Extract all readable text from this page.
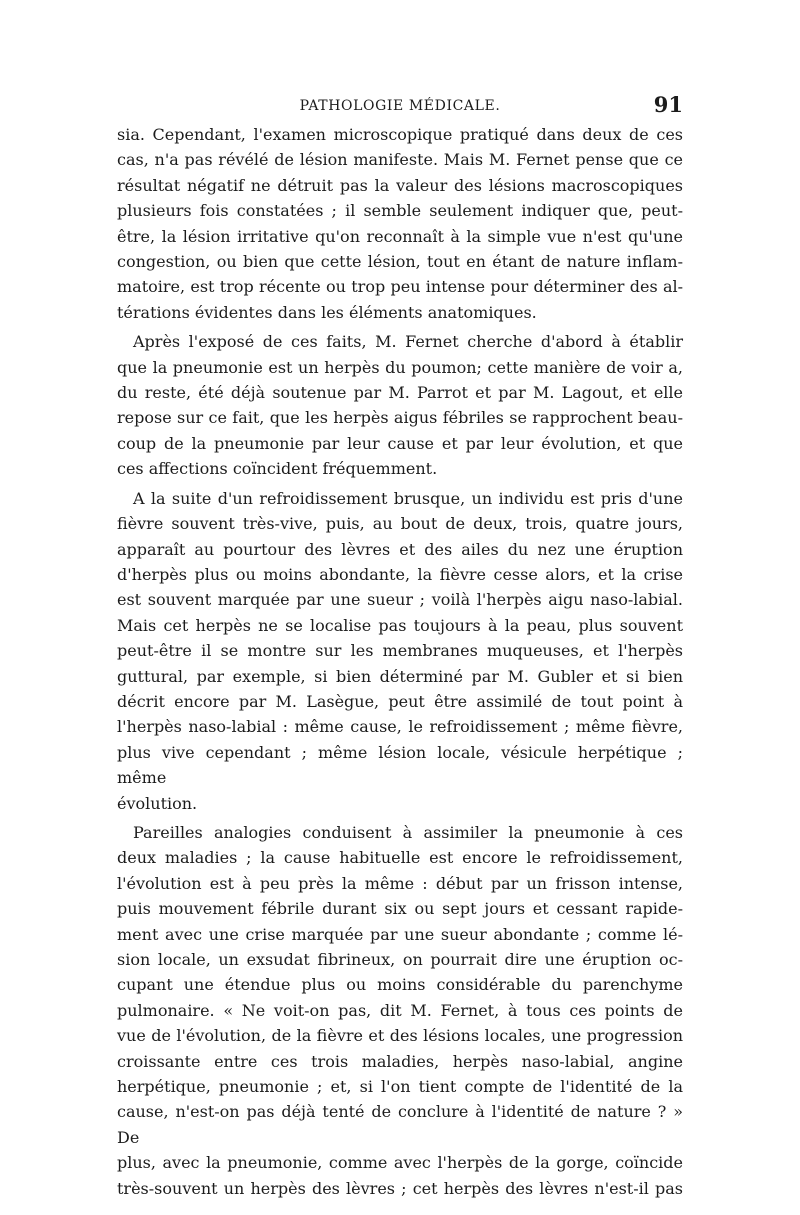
PATHOLOGIE MÉDICALE.	91

sia. Cependant, l'examen microscopique pratiqué dans deux de ces

cas, n'a pas révélé de lésion manifeste. Mais M. Fernet pense que ce

résultat négatif ne détruit pas la valeur des lésions macroscopiques

plusieurs fois constatées ; il semble seulement indiquer que, peut-

être, la lésion irritative qu'on reconnaît à la simple vue n'est qu'une

congestion, ou bien que cette lésion, tout en étant de nature inflam-

matoire, est trop récente ou trop peu intense pour déterminer des al-

térations évidentes dans les éléments anatomiques.

Après l'exposé de ces faits, M. Fernet cherche d'abord à établir

que la pneumonie est un herpès du poumon; cette manière de voir a,

du reste, été déjà soutenue par M. Parrot et par M. Lagout, et elle

repose sur ce fait, que les herpès aigus fébriles se rapprochent beau-

coup de la pneumonie par leur cause et par leur évolution, et que

ces affections coïncident fréquemment.

A la suite d'un refroidissement brusque, un individu est pris d'une

fièvre souvent très-vive, puis, au bout de deux, trois, quatre jours,

apparaît au pourtour des lèvres et des ailes du nez une éruption

d'herpès plus ou moins abondante, la fièvre cesse alors, et la crise

est souvent marquée par une sueur ; voilà l'herpès aigu naso-labial.

Mais cet herpès ne se localise pas toujours à la peau, plus souvent

peut-être il se montre sur les membranes muqueuses, et l'herpès

guttural, par exemple, si bien déterminé par M. Gubler et si bien

décrit encore par M. Lasègue, peut être assimilé de tout point à

l'herpès naso-labial : même cause, le refroidissement ; même fièvre,

plus vive cependant ; même lésion locale, vésicule herpétique ; même

évolution.

Pareilles analogies conduisent à assimiler la pneumonie à ces

deux maladies ; la cause habituelle est encore le refroidissement,

l'évolution est à peu près la même : début par un frisson intense,

puis mouvement fébrile durant six ou sept jours et cessant rapide-

ment avec une crise marquée par une sueur abondante ; comme lé-

sion locale, un exsudat fibrineux, on pourrait dire une éruption oc-

cupant une étendue plus ou moins considérable du parenchyme

pulmonaire. « Ne voit-on pas, dit M. Fernet, à tous ces points de

vue de l'évolution, de la fièvre et des lésions locales, une progression

croissante entre ces trois maladies, herpès naso-labial, angine

herpétique, pneumonie ; et, si l'on tient compte de l'identité de la

cause, n'est-on pas déjà tenté de conclure à l'identité de nature ? » De

plus, avec la pneumonie, comme avec l'herpès de la gorge, coïncide

très-souvent un herpès des lèvres ; cet herpès des lèvres n'est-il pas
